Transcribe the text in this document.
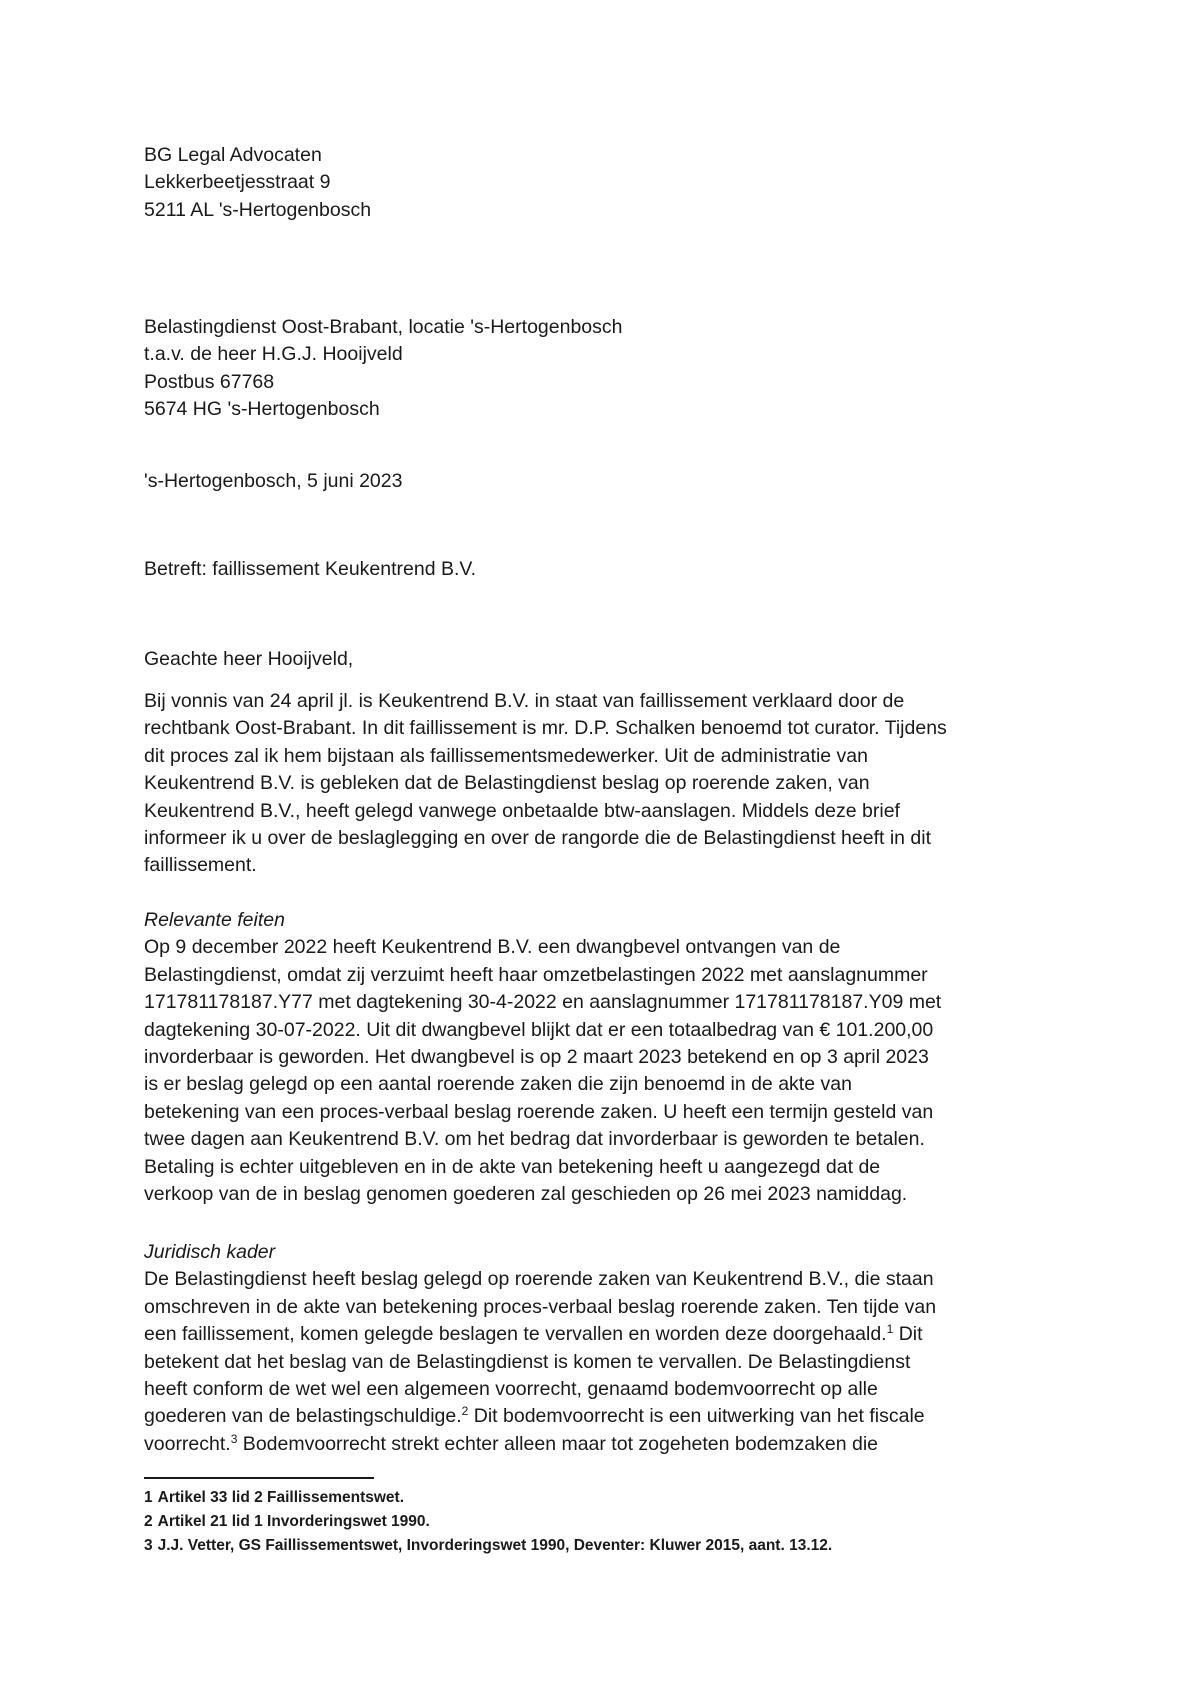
BG Legal Advocaten
Lekkerbeetjesstraat 9
5211 AL 's-Hertogenbosch
Belastingdienst Oost-Brabant, locatie 's-Hertogenbosch
t.a.v. de heer H.G.J. Hooijveld
Postbus 67768
5674 HG 's-Hertogenbosch
's-Hertogenbosch, 5 juni 2023
Betreft: faillissement Keukentrend B.V.
Geachte heer Hooijveld,
Bij vonnis van 24 april jl. is Keukentrend B.V. in staat van faillissement verklaard door de
rechtbank Oost-Brabant. In dit faillissement is mr. D.P. Schalken benoemd tot curator. Tijdens
dit proces zal ik hem bijstaan als faillissementsmedewerker. Uit de administratie van
Keukentrend B.V. is gebleken dat de Belastingdienst beslag op roerende zaken, van
Keukentrend B.V., heeft gelegd vanwege onbetaalde btw-aanslagen. Middels deze brief
informeer ik u over de beslaglegging en over de rangorde die de Belastingdienst heeft in dit
faillissement.
Relevante feiten
Op 9 december 2022 heeft Keukentrend B.V. een dwangbevel ontvangen van de
Belastingdienst, omdat zij verzuimt heeft haar omzetbelastingen 2022 met aanslagnummer
171781178187.Y77 met dagtekening 30-4-2022 en aanslagnummer 171781178187.Y09 met
dagtekening 30-07-2022. Uit dit dwangbevel blijkt dat er een totaalbedrag van € 101.200,00
invorderbaar is geworden. Het dwangbevel is op 2 maart 2023 betekend en op 3 april 2023
is er beslag gelegd op een aantal roerende zaken die zijn benoemd in de akte van
betekening van een proces-verbaal beslag roerende zaken. U heeft een termijn gesteld van
twee dagen aan Keukentrend B.V. om het bedrag dat invorderbaar is geworden te betalen.
Betaling is echter uitgebleven en in de akte van betekening heeft u aangezegd dat de
verkoop van de in beslag genomen goederen zal geschieden op 26 mei 2023 namiddag.
Juridisch kader
De Belastingdienst heeft beslag gelegd op roerende zaken van Keukentrend B.V., die staan
omschreven in de akte van betekening proces-verbaal beslag roerende zaken. Ten tijde van
een faillissement, komen gelegde beslagen te vervallen en worden deze doorgehaald.$^1$ Dit
betekent dat het beslag van de Belastingdienst is komen te vervallen. De Belastingdienst
heeft conform de wet wel een algemeen voorrecht, genaamd bodemvoorrecht op alle
goederen van de belastingschuldige.$^2$ Dit bodemvoorrecht is een uitwerking van het fiscale
voorrecht.$^3$ Bodemvoorrecht strekt echter alleen maar tot zogeheten bodemzaken die
1 Artikel 33 lid 2 Faillissementswet.
2 Artikel 21 lid 1 Invorderingswet 1990.
3 J.J. Vetter, GS Faillissementswet, Invorderingswet 1990, Deventer: Kluwer 2015, aant. 13.12.
